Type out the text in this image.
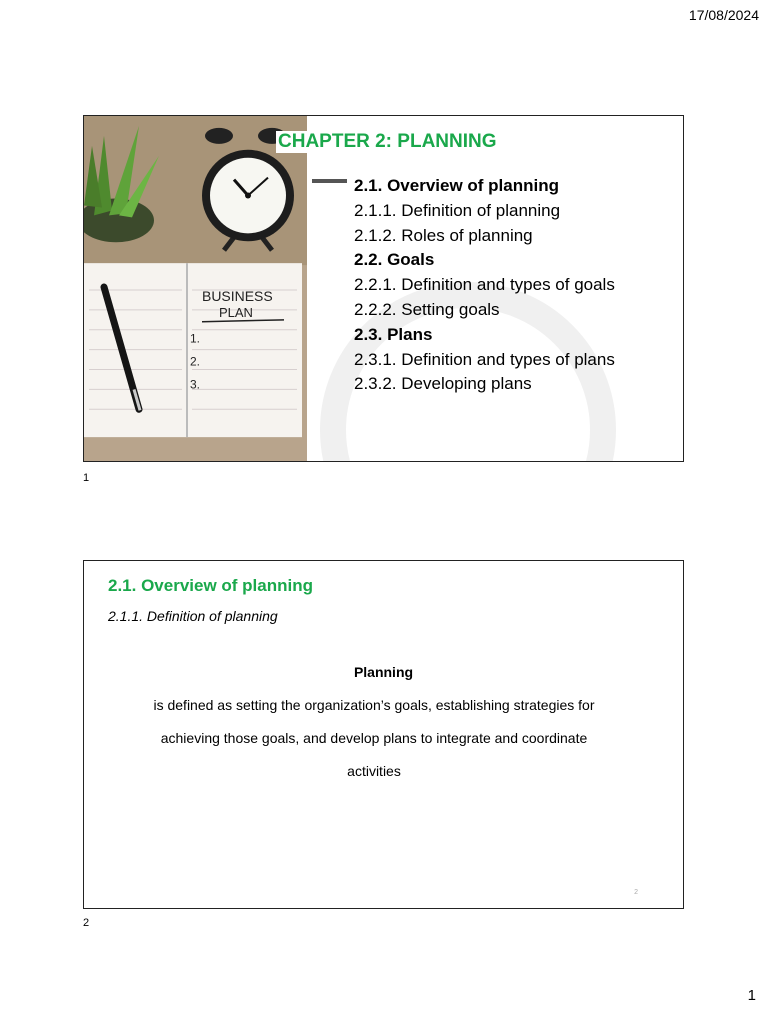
17/08/2024
BUSINESS
PLAN
1.
2.
3.
CHAPTER 2: PLANNING
2.1. Overview of planning
2.1.1. Definition of planning
2.1.2. Roles of planning
2.2. Goals
2.2.1. Definition and types of goals
2.2.2. Setting goals
2.3. Plans
2.3.1. Definition and types of plans
2.3.2. Developing plans
1
2.1. Overview of planning
2.1.1. Definition of planning
Planning
is defined as setting the organization’s goals, establishing strategies for
achieving those goals, and develop plans to integrate and coordinate
activities
2
2
1
